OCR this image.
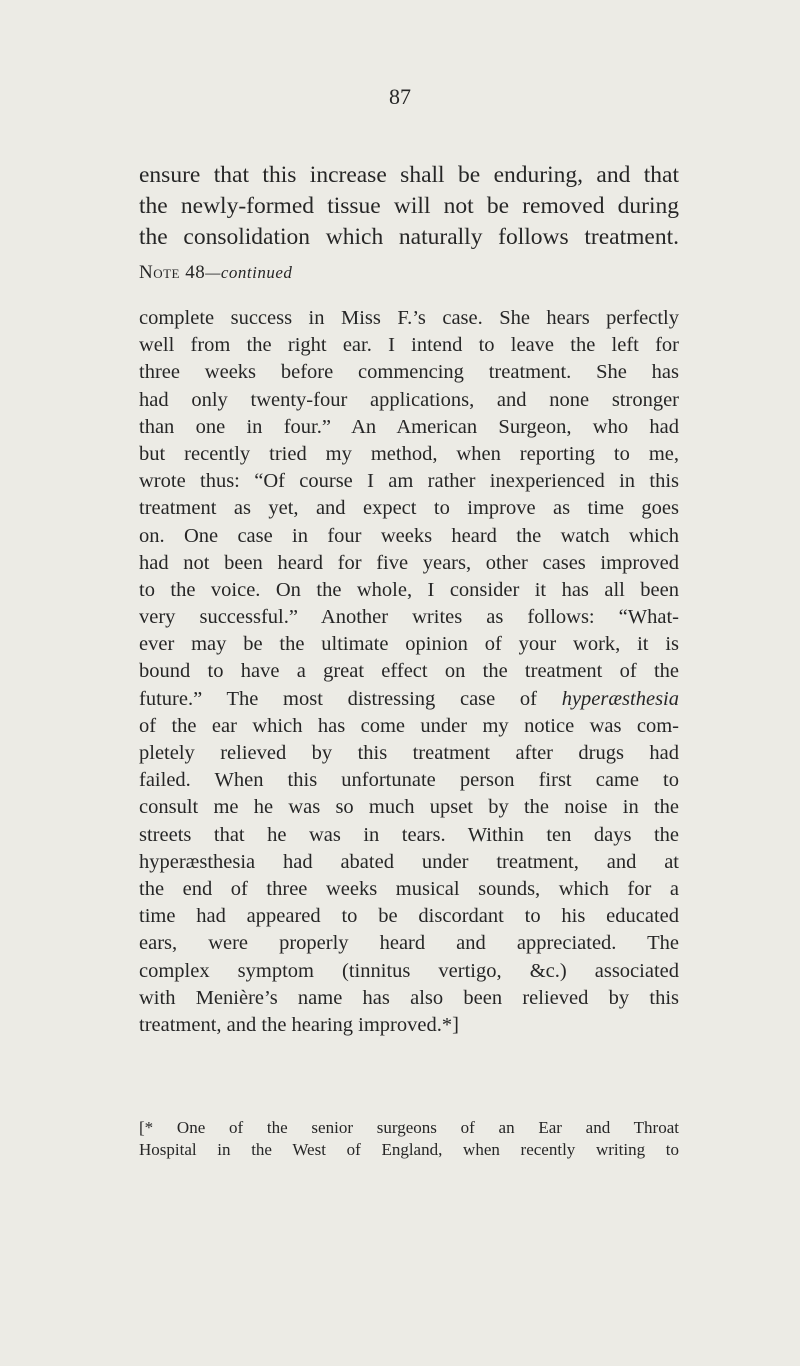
87
ensure that this increase shall be enduring, and that
the newly-formed tissue will not be removed during
the consolidation which naturally follows treatment.
Note 48—continued
complete success in Miss F.’s case. She hears perfectly
well from the right ear. I intend to leave the left for
three weeks before commencing treatment. She has
had only twenty-four applications, and none stronger
than one in four.” An American Surgeon, who had
but recently tried my method, when reporting to me,
wrote thus: “Of course I am rather inexperienced in this
treatment as yet, and expect to improve as time goes
on. One case in four weeks heard the watch which
had not been heard for five years, other cases improved
to the voice. On the whole, I consider it has all been
very successful.” Another writes as follows: “What-
ever may be the ultimate opinion of your work, it is
bound to have a great effect on the treatment of the
future.” The most distressing case of hyperæsthesia
of the ear which has come under my notice was com-
pletely relieved by this treatment after drugs had
failed. When this unfortunate person first came to
consult me he was so much upset by the noise in the
streets that he was in tears. Within ten days the
hyperæsthesia had abated under treatment, and at
the end of three weeks musical sounds, which for a
time had appeared to be discordant to his educated
ears, were properly heard and appreciated. The
complex symptom (tinnitus vertigo, &c.) associated
with Menière’s name has also been relieved by this
treatment, and the hearing improved.*]
[* One of the senior surgeons of an Ear and Throat
Hospital in the West of England, when recently writing to
